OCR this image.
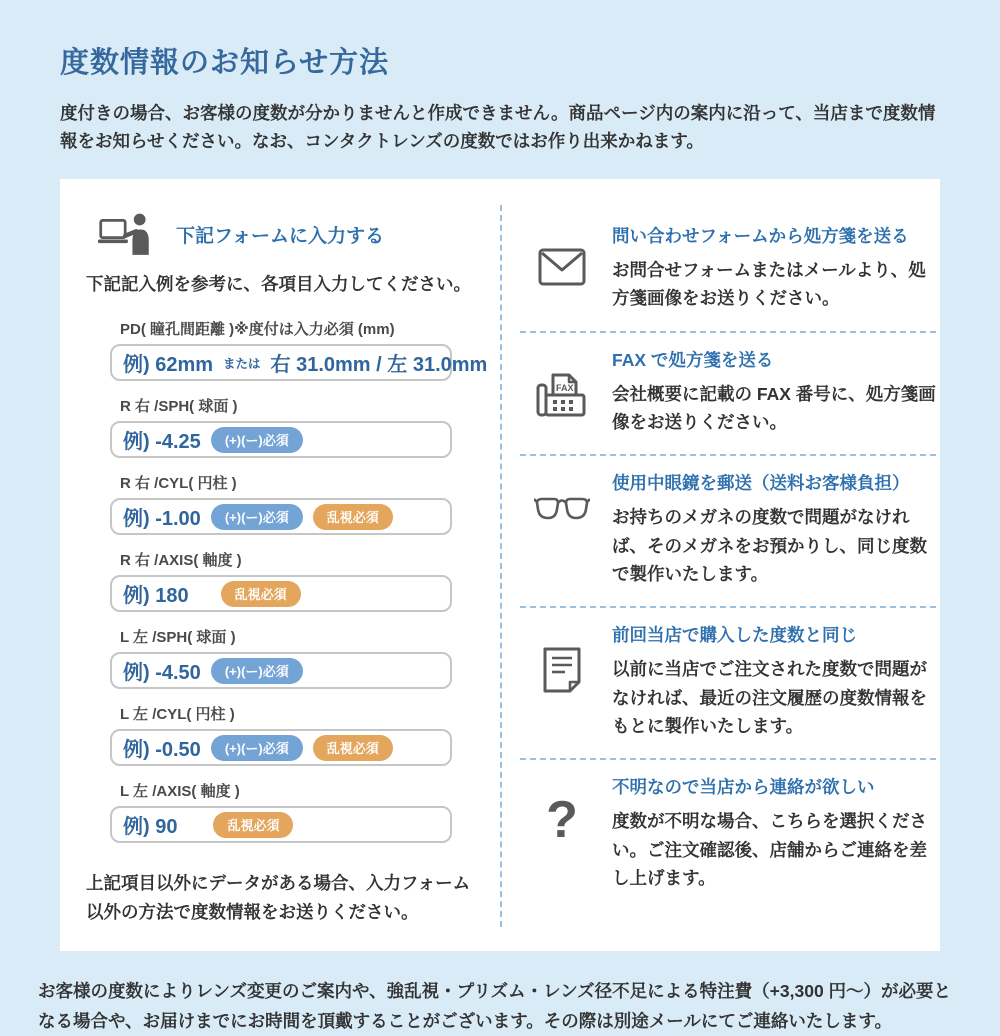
度数情報のお知らせ方法

度付きの場合、お客様の度数が分かりませんと作成できません。商品ページ内の案内に沿って、当店まで度数情報をお知らせください。なお、コンタクトレンズの度数ではお作り出来かねます。

下記フォームに入力する

下記記入例を参考に、各項目入力してください。

PD( 瞳孔間距離 )※度付は入力必須 (mm)
例) 62mm または 右 31.0mm / 左 31.0mm
R 右 /SPH( 球面 )
例) -4.25	(+)(ー)必須
R 右 /CYL( 円柱 )
例) -1.00	(+)(ー)必須	乱視必須
R 右 /AXIS( 軸度 )
例) 180	乱視必須
L 左 /SPH( 球面 )
例) -4.50	(+)(ー)必須
L 左 /CYL( 円柱 )
例) -0.50	(+)(ー)必須	乱視必須
L 左 /AXIS( 軸度 )
例) 90	乱視必須

上記項目以外にデータがある場合、入力フォーム以外の方法で度数情報をお送りください。

問い合わせフォームから処方箋を送る

お問合せフォームまたはメールより、処方箋画像をお送りください。

FAX

FAX で処方箋を送る

会社概要に記載の FAX 番号に、処方箋画像をお送りください。

使用中眼鏡を郵送（送料お客様負担）

お持ちのメガネの度数で問題がなければ、そのメガネをお預かりし、同じ度数で製作いたします。

前回当店で購入した度数と同じ

以前に当店でご注文された度数で問題がなければ、最近の注文履歴の度数情報をもとに製作いたします。

?

不明なので当店から連絡が欲しい

度数が不明な場合、こちらを選択ください。ご注文確認後、店舗からご連絡を差し上げます。

お客様の度数によりレンズ変更のご案内や、強乱視・プリズム・レンズ径不足による特注費（+3,300 円〜）が必要となる場合や、お届けまでにお時間を頂戴することがございます。その際は別途メールにてご連絡いたします。
